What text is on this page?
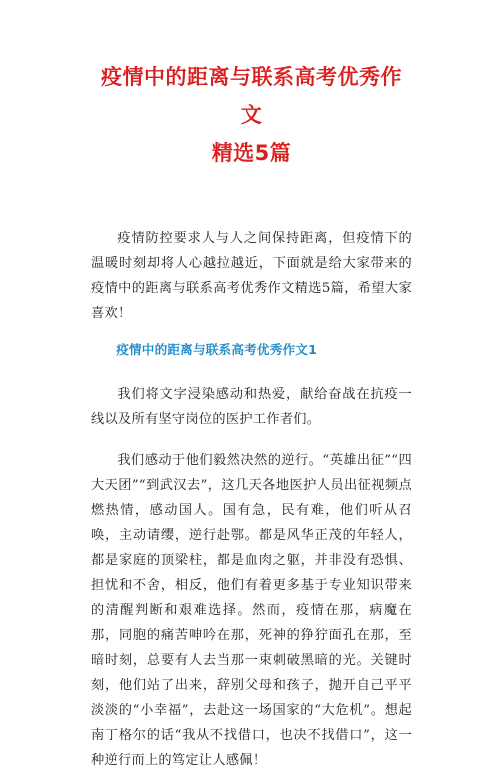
疫情中的距离与联系高考优秀作文
精选5篇

疫情防控要求人与人之间保持距离，但疫情下的温暖时刻却将人心越拉越近，下面就是给大家带来的疫情中的距离与联系高考优秀作文精选5篇，希望大家喜欢！

疫情中的距离与联系高考优秀作文1

我们将文字浸染感动和热爱，献给奋战在抗疫一线以及所有坚守岗位的医护工作者们。

我们感动于他们毅然决然的逆行。“英雄出征”“四大天团”“到武汉去”，这几天各地医护人员出征视频点燃热情，感动国人。国有急，民有难，他们听从召唤，主动请缨，逆行赴鄂。都是风华正茂的年轻人，都是家庭的顶梁柱，都是血肉之躯，并非没有恐惧、担忧和不舍，相反，他们有着更多基于专业知识带来的清醒判断和艰难选择。然而，疫情在那，病魔在那，同胞的痛苦呻吟在那，死神的狰狞面孔在那，至暗时刻，总要有人去当那一束刺破黑暗的光。关键时刻，他们站了出来，辞别父母和孩子，抛开自己平平淡淡的“小幸福”，去赴这一场国家的“大危机”。想起南丁格尔的话“我从不找借口，也决不找借口”，这一种逆行而上的笃定让人感佩！
